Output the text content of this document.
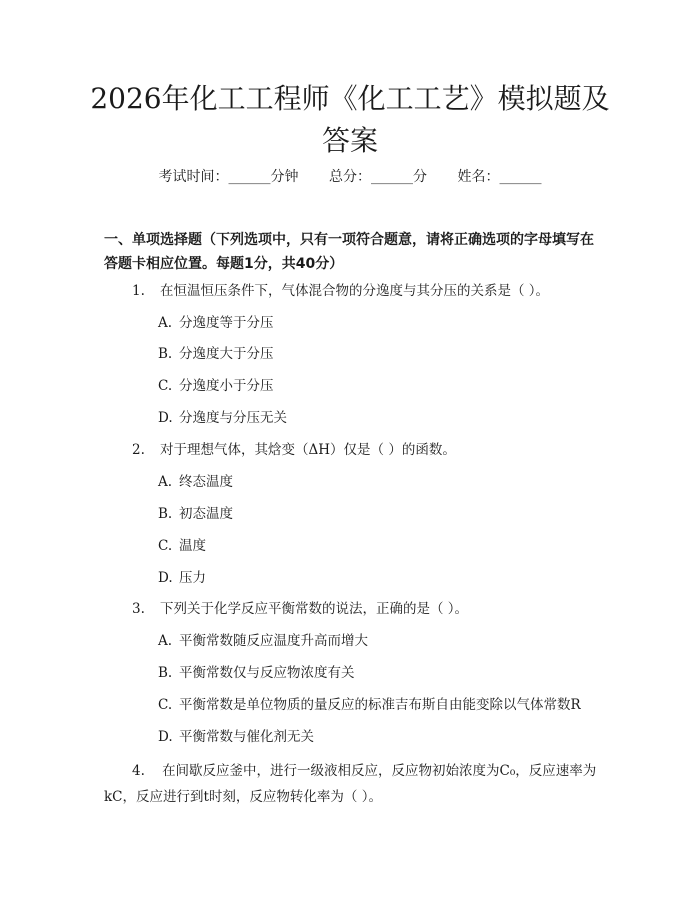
2026年化工工程师《化工工艺》模拟题及答案
考试时间：______分钟 总分：______分 姓名：______
一、单项选择题（下列选项中，只有一项符合题意，请将正确选项的字母填写在答题卡相应位置。每题1分，共40分）
1. 在恒温恒压条件下，气体混合物的分逸度与其分压的关系是（ ）。
A. 分逸度等于分压
B. 分逸度大于分压
C. 分逸度小于分压
D. 分逸度与分压无关
2. 对于理想气体，其焓变（ΔH）仅是（ ）的函数。
A. 终态温度
B. 初态温度
C. 温度
D. 压力
3. 下列关于化学反应平衡常数的说法，正确的是（ ）。
A. 平衡常数随反应温度升高而增大
B. 平衡常数仅与反应物浓度有关
C. 平衡常数是单位物质的量反应的标准吉布斯自由能变除以气体常数R
D. 平衡常数与催化剂无关
4. 在间歇反应釜中，进行一级液相反应，反应物初始浓度为C₀，反应速率为kC，反应进行到t时刻，反应物转化率为（ ）。
